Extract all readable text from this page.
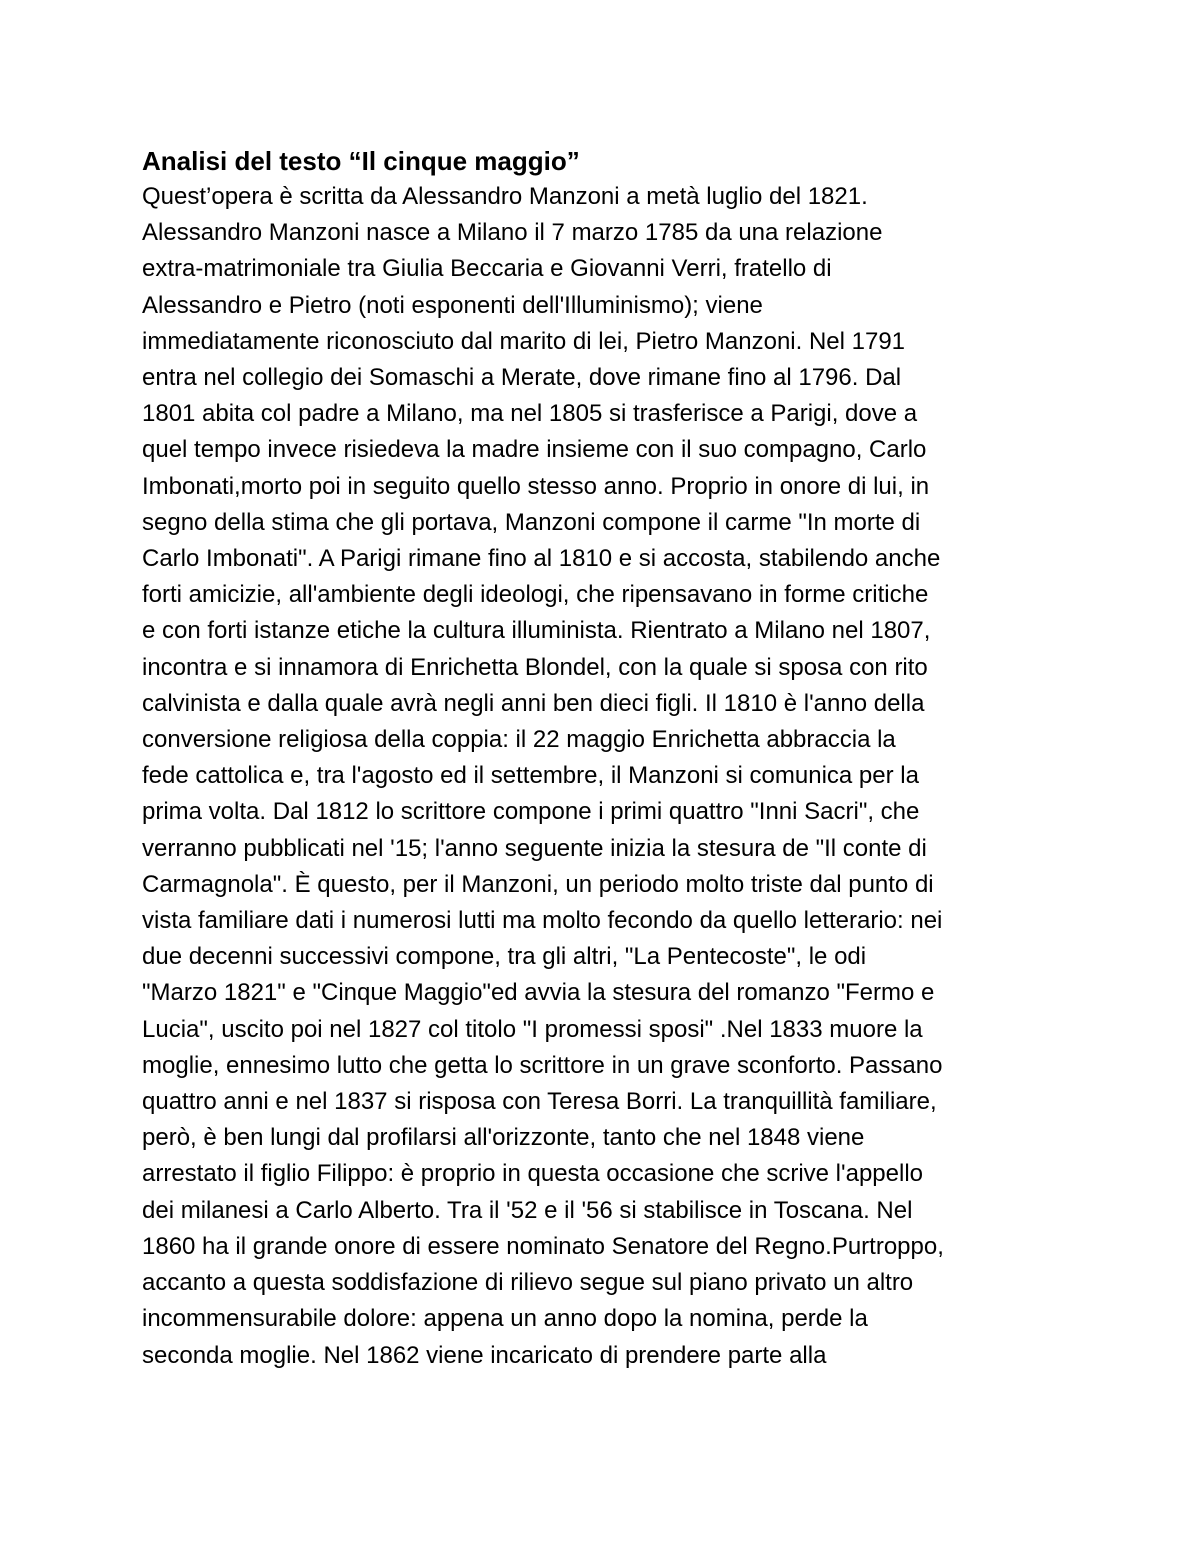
Analisi del testo “Il cinque maggio”
Quest’opera è scritta da Alessandro Manzoni a metà luglio del 1821.
Alessandro Manzoni nasce a Milano il 7 marzo 1785 da una relazione
extra-matrimoniale tra Giulia Beccaria e Giovanni Verri, fratello di
Alessandro e Pietro (noti esponenti dell'Illuminismo); viene
immediatamente riconosciuto dal marito di lei, Pietro Manzoni. Nel 1791
entra nel collegio dei Somaschi a Merate, dove rimane fino al 1796. Dal
1801 abita col padre a Milano, ma nel 1805 si trasferisce a Parigi, dove a
quel tempo invece risiedeva la madre insieme con il suo compagno, Carlo
Imbonati,morto poi in seguito quello stesso anno. Proprio in onore di lui, in
segno della stima che gli portava, Manzoni compone il carme "In morte di
Carlo Imbonati". A Parigi rimane fino al 1810 e si accosta, stabilendo anche
forti amicizie, all'ambiente degli ideologi, che ripensavano in forme critiche
e con forti istanze etiche la cultura illuminista. Rientrato a Milano nel 1807,
incontra e si innamora di Enrichetta Blondel, con la quale si sposa con rito
calvinista e dalla quale avrà negli anni ben dieci figli. Il 1810 è l'anno della
conversione religiosa della coppia: il 22 maggio Enrichetta abbraccia la
fede cattolica e, tra l'agosto ed il settembre, il Manzoni si comunica per la
prima volta. Dal 1812 lo scrittore compone i primi quattro "Inni Sacri", che
verranno pubblicati nel '15; l'anno seguente inizia la stesura de "Il conte di
Carmagnola". È questo, per il Manzoni, un periodo molto triste dal punto di
vista familiare dati i numerosi lutti ma molto fecondo da quello letterario: nei
due decenni successivi compone, tra gli altri, "La Pentecoste", le odi
"Marzo 1821" e "Cinque Maggio"ed avvia la stesura del romanzo "Fermo e
Lucia", uscito poi nel 1827 col titolo "I promessi sposi" .Nel 1833 muore la
moglie, ennesimo lutto che getta lo scrittore in un grave sconforto. Passano
quattro anni e nel 1837 si risposa con Teresa Borri. La tranquillità familiare,
però, è ben lungi dal profilarsi all'orizzonte, tanto che nel 1848 viene
arrestato il figlio Filippo: è proprio in questa occasione che scrive l'appello
dei milanesi a Carlo Alberto. Tra il '52 e il '56 si stabilisce in Toscana. Nel
1860 ha il grande onore di essere nominato Senatore del Regno.Purtroppo,
accanto a questa soddisfazione di rilievo segue sul piano privato un altro
incommensurabile dolore: appena un anno dopo la nomina, perde la
seconda moglie. Nel 1862 viene incaricato di prendere parte alla
